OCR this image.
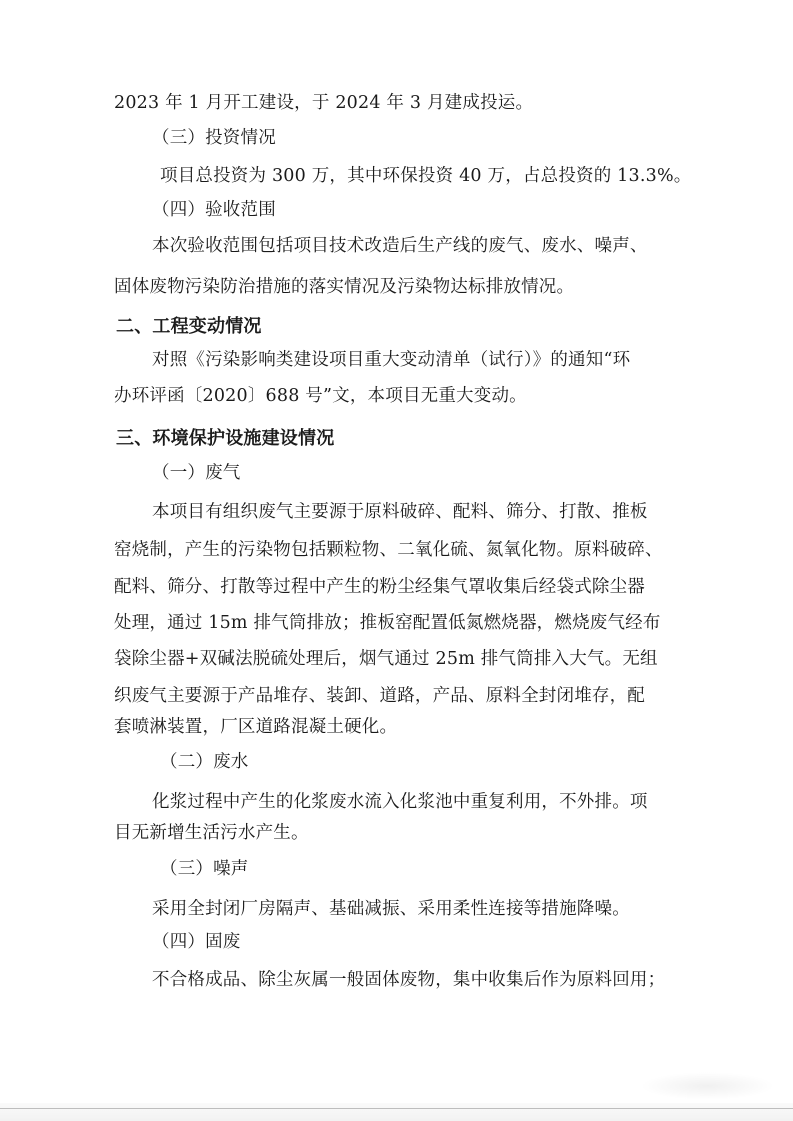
2023 年 1 月开工建设，于 2024 年 3 月建成投运。
（三）投资情况
项目总投资为 300 万，其中环保投资 40 万，占总投资的 13.3%。
（四）验收范围
本次验收范围包括项目技术改造后生产线的废气、废水、噪声、
固体废物污染防治措施的落实情况及污染物达标排放情况。
二、工程变动情况
对照《污染影响类建设项目重大变动清单（试行）》的通知“环
办环评函〔2020〕688 号”文，本项目无重大变动。
三、环境保护设施建设情况
（一）废气
本项目有组织废气主要源于原料破碎、配料、筛分、打散、推板
窑烧制，产生的污染物包括颗粒物、二氧化硫、氮氧化物。原料破碎、
配料、筛分、打散等过程中产生的粉尘经集气罩收集后经袋式除尘器
处理，通过 15m 排气筒排放；推板窑配置低氮燃烧器，燃烧废气经布
袋除尘器+双碱法脱硫处理后，烟气通过 25m 排气筒排入大气。无组
织废气主要源于产品堆存、装卸、道路，产品、原料全封闭堆存，配
套喷淋装置，厂区道路混凝土硬化。
（二）废水
化浆过程中产生的化浆废水流入化浆池中重复利用，不外排。项
目无新增生活污水产生。
（三）噪声
采用全封闭厂房隔声、基础减振、采用柔性连接等措施降噪。
（四）固废
不合格成品、除尘灰属一般固体废物，集中收集后作为原料回用；
